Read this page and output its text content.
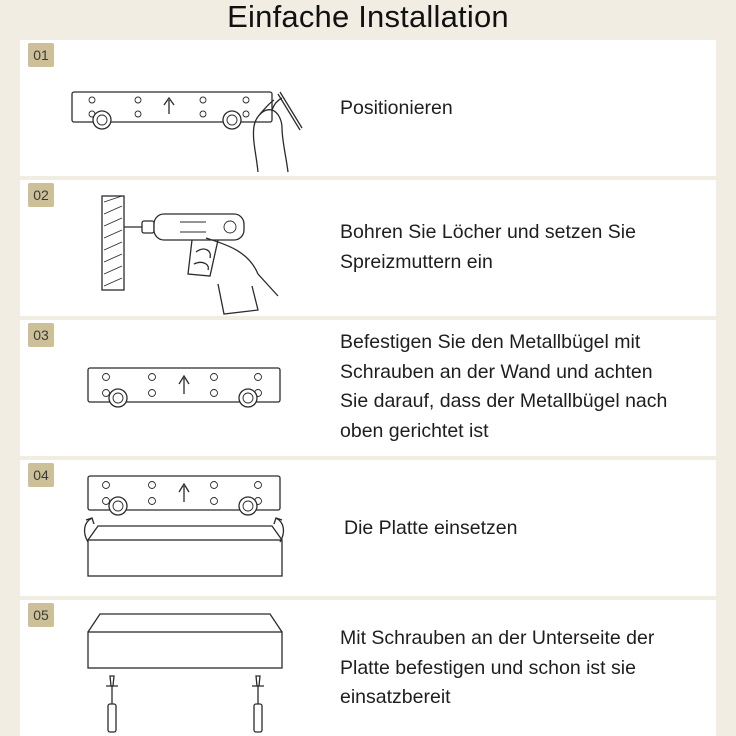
Einfache Installation
01
Positionieren
02
Bohren Sie Löcher und setzen Sie
Spreizmuttern ein
03	Befestigen Sie den Metallbügel mit
Schrauben an der Wand und achten
Sie darauf, dass der Metallbügel nach
oben gerichtet ist
04
Die Platte einsetzen
05
Mit Schrauben an der Unterseite der
Platte befestigen und schon ist sie
einsatzbereit
